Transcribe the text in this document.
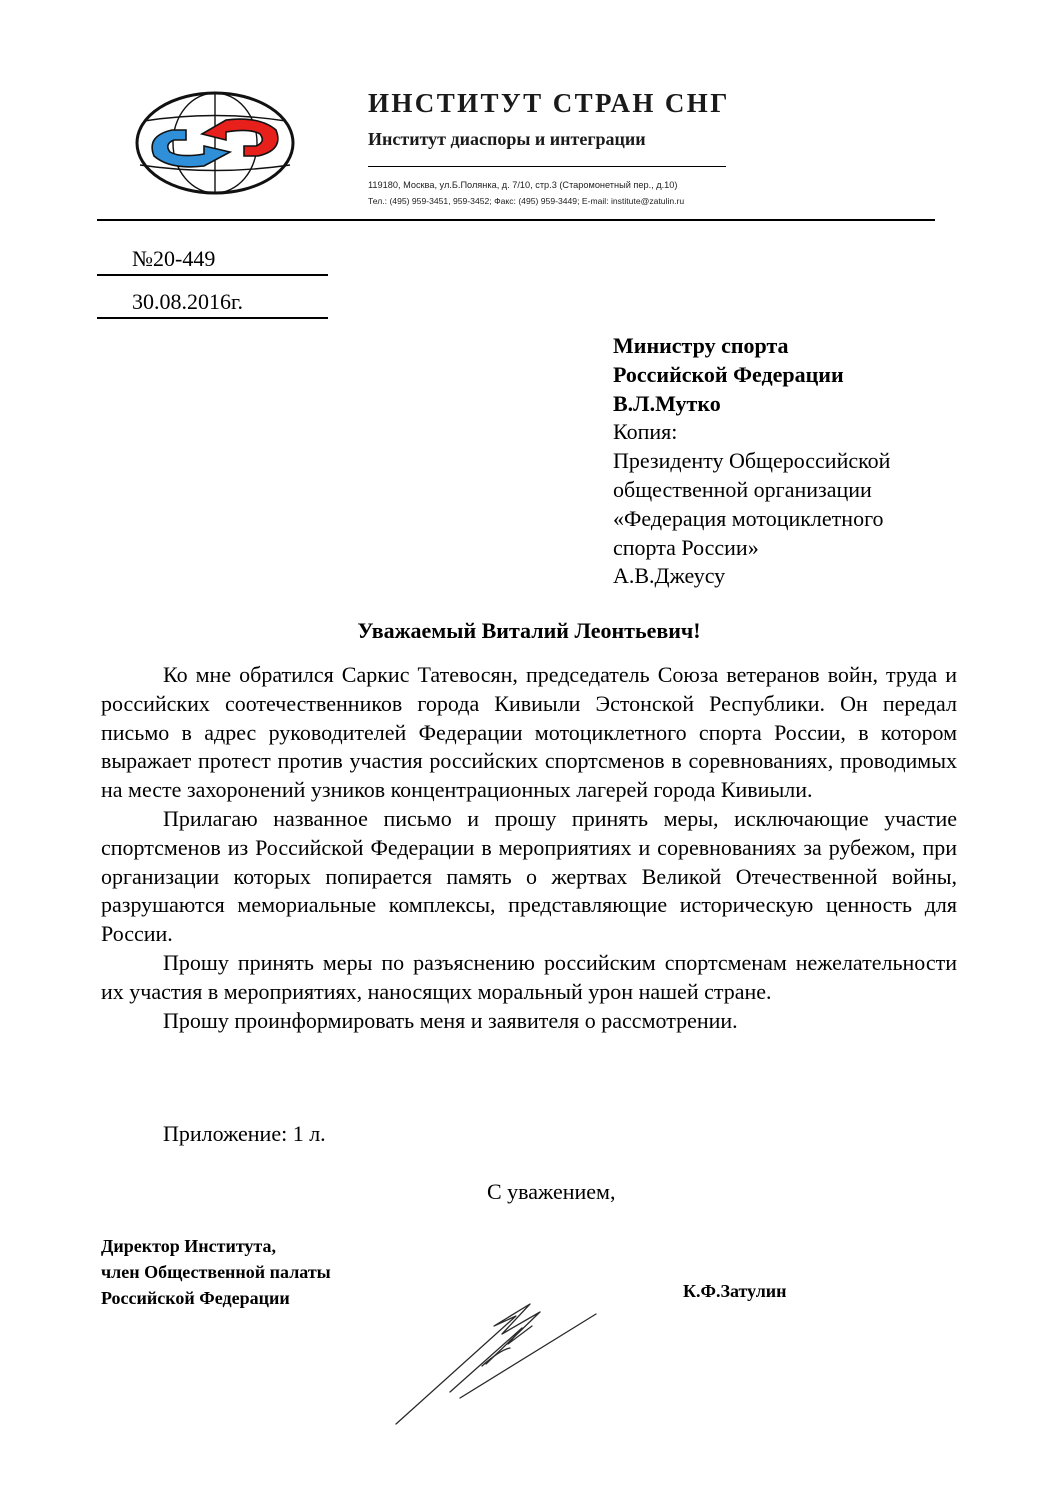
ИНСТИТУТ СТРАН СНГ
Институт диаспоры и интеграции
119180, Москва, ул.Б.Полянка, д. 7/10, стр.3 (Старомонетный пер., д.10)
Тел.: (495) 959-3451, 959-3452; Факс: (495) 959-3449; E-mail: institute@zatulin.ru
№20-449
30.08.2016г.
Министру спорта
Российской Федерации
В.Л.Мутко
Копия:
Президенту Общероссийской
общественной организации
«Федерация мотоциклетного
спорта России»
А.В.Джеусу
Уважаемый Виталий Леонтьевич!

Ко мне обратился Саркис Татевосян, председатель Союза ветеранов войн, труда и российских соотечественников города Кивиыли Эстонской Республики. Он передал письмо в адрес руководителей Федерации мотоциклетного спорта России, в котором выражает протест против участия российских спортсменов в соревнованиях, проводимых на месте захоронений узников концентрационных лагерей города Кивиыли.

Прилагаю названное письмо и прошу принять меры, исключающие участие спортсменов из Российской Федерации в мероприятиях и соревнованиях за рубежом, при организации которых попирается память о жертвах Великой Отечественной войны, разрушаются мемориальные комплексы, представляющие историческую ценность для России.

Прошу принять меры по разъяснению российским спортсменам нежелательности их участия в мероприятиях, наносящих моральный урон нашей стране.

Прошу проинформировать меня и заявителя о рассмотрении.

Приложение: 1 л.
С уважением,
Директор Института,
член Общественной палаты
Российской Федерации	К.Ф.Затулин
